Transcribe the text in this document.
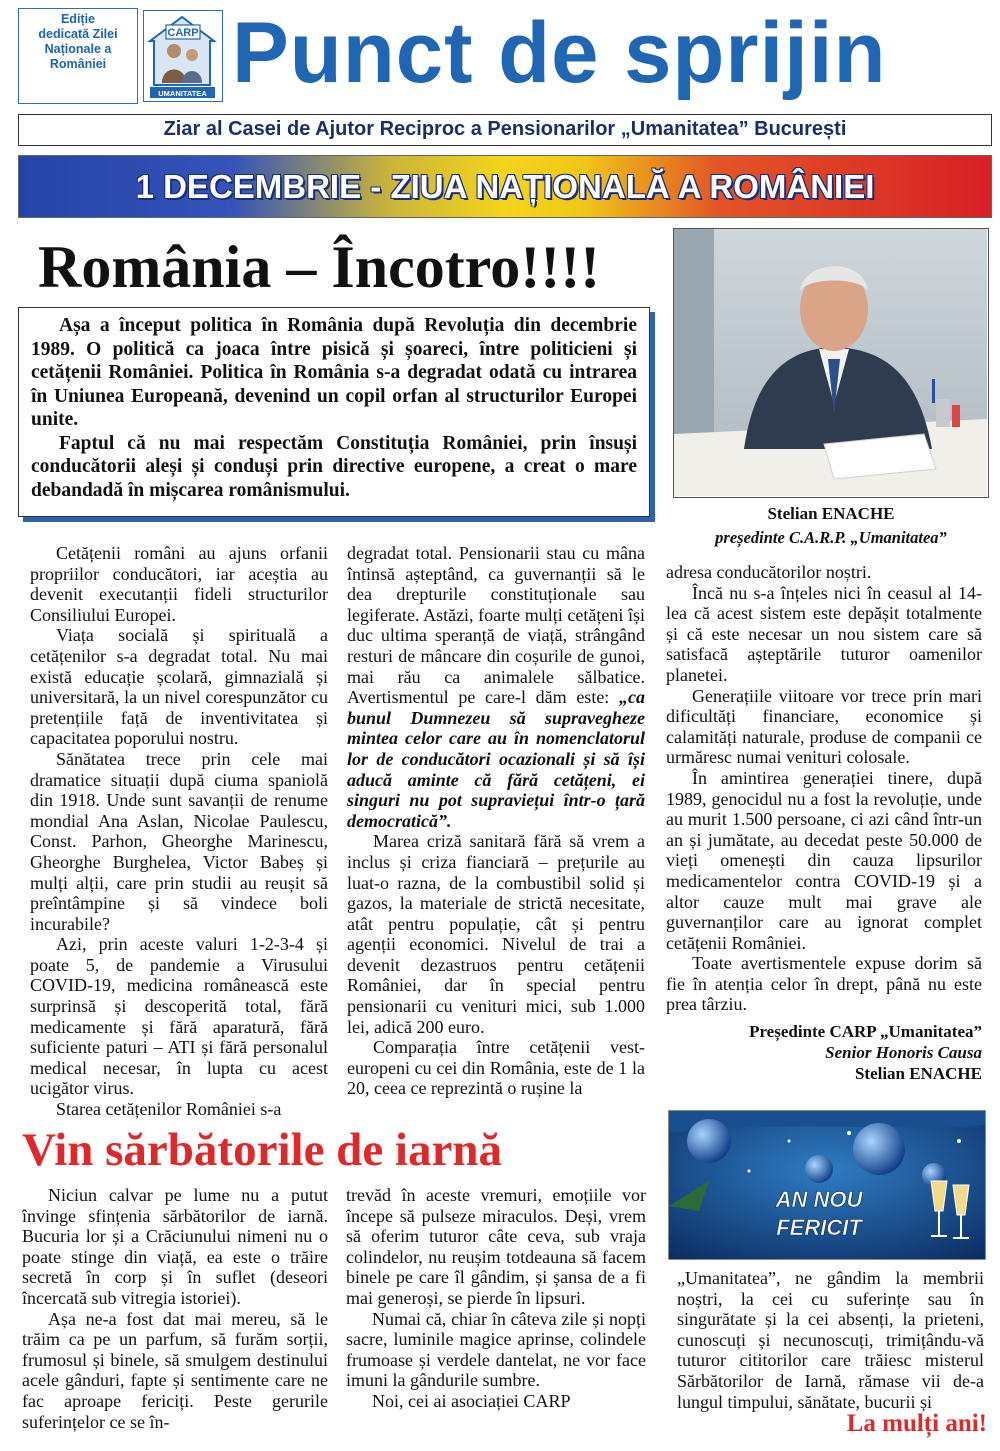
Ediție
dedicată Zilei
Naționale a
României
CARP
UMANITATEA Punct de sprijin
Ziar al Casei de Ajutor Reciproc a Pensionarilor „Umanitatea” București
1 DECEMBRIE - ZIUA NAȚIONALĂ A ROMÂNIEI
România – Încotro!!!!

Așa a început politica în România după Revoluția din decembrie 1989. O politică ca joaca între pisică și șoareci, între politicieni și cetățenii României. Politica în România s-a degradat odată cu intrarea în Uniunea Europeană, devenind un copil orfan al structurilor Europei unite.

Faptul că nu mai respectăm Constituția României, prin însuși conducătorii aleși și conduși prin directive europene, a creat o mare debandadă în mișcarea românismului.

Stelian ENACHE
președinte C.A.R.P. „Umanitatea”

Cetățenii români au ajuns orfanii propriilor conducători, iar aceștia au devenit executanții fideli structurilor Consiliului Europei.

Viața socială și spirituală a cetățenilor s-a degradat total. Nu mai există educație școlară, gimnazială și universitară, la un nivel corespunzător cu pretențiile față de inventivitatea și capacitatea poporului nostru.

Sănătatea trece prin cele mai dramatice situații după ciuma spaniolă din 1918. Unde sunt savanții de renume mondial Ana Aslan, Nicolae Paulescu, Const. Parhon, Gheorghe Marinescu, Gheorghe Burghelea, Victor Babeș și mulți alții, care prin studii au reușit să preîntâmpine și să vindece boli incurabile?

Azi, prin aceste valuri 1-2-3-4 și poate 5, de pandemie a Virusului COVID-19, medicina românească este surprinsă și descoperită total, fără medicamente și fără aparatură, fără suficiente paturi – ATI și fără personalul medical necesar, în lupta cu acest ucigător virus.

Starea cetățenilor României s-a

degradat total. Pensionarii stau cu mâna întinsă așteptând, ca guvernanții să le dea drepturile constituționale sau legiferate. Astăzi, foarte mulți cetățeni își duc ultima speranță de viață, strângând resturi de mâncare din coșurile de gunoi, mai rău ca animalele sălbatice. Avertismentul pe care-l dăm este: „ca bunul Dumnezeu să supravegheze mintea celor care au în nomenclatorul lor de conducători ocazionali și să își aducă aminte că fără cetățeni, ei singuri nu pot supraviețui într-o țară democratică”.

Marea criză sanitară fără să vrem a inclus și criza fianciară – prețurile au luat-o razna, de la combustibil solid și gazos, la materiale de strictă necesitate, atât pentru populație, cât și pentru agenții economici. Nivelul de trai a devenit dezastruos pentru cetățenii României, dar în special pentru pensionarii cu venituri mici, sub 1.000 lei, adică 200 euro.

Comparația între cetățenii vest-europeni cu cei din România, este de 1 la 20, ceea ce reprezintă o rușine la

adresa conducătorilor noștri.

Încă nu s-a înțeles nici în ceasul al 14-lea că acest sistem este depășit totalmente și că este necesar un nou sistem care să satisfacă așteptările tuturor oamenilor planetei.

Generațiile viitoare vor trece prin mari dificultăți financiare, economice și calamități naturale, produse de companii ce urmăresc numai venituri colosale.

În amintirea generației tinere, după 1989, genocidul nu a fost la revoluție, unde au murit 1.500 persoane, ci azi când într-un an și jumătate, au decedat peste 50.000 de vieți omenești din cauza lipsurilor medicamentelor contra COVID-19 și a altor cauze mult mai grave ale guvernanților care au ignorat complet cetățenii României.

Toate avertismentele expuse dorim să fie în atenția celor în drept, până nu este prea târziu.

Președinte CARP „Umanitatea”
Senior Honoris Causa
Stelian ENACHE
Vin sărbătorile de iarnă

Niciun calvar pe lume nu a putut învinge sfințenia sărbătorilor de iarnă. Bucuria lor și a Crăciunului nimeni nu o poate stinge din viață, ea este o trăire secretă în corp și în suflet (deseori încercată sub vitregia istoriei).

Așa ne-a fost dat mai mereu, să le trăim ca pe un parfum, să furăm sorții, frumosul și binele, să smulgem destinului acele gânduri, fapte și sentimente care ne fac aproape fericiți. Peste gerurile suferințelor ce se în-

trevăd în aceste vremuri, emoțiile vor începe să pulseze miraculos. Deși, vrem să oferim tuturor câte ceva, sub vraja colindelor, nu reușim totdeauna să facem binele pe care îl gândim, și șansa de a fi mai generoși, se pierde în lipsuri.

Numai că, chiar în câteva zile și nopți sacre, luminile magice aprinse, colindele frumoase și verdele dantelat, ne vor face imuni la gândurile sumbre.

Noi, cei ai asociației CARP

AN NOU
FERICIT

„Umanitatea”, ne gândim la membrii noștri, la cei cu suferințe sau în singurătate și la cei absenți, la prieteni, cunoscuți și necunoscuți, trimițându-vă tuturor cititorilor care trăiesc misterul Sărbătorilor de Iarnă, rămase vii de-a lungul timpului, sănătate, bucurii și

La mulți ani!
